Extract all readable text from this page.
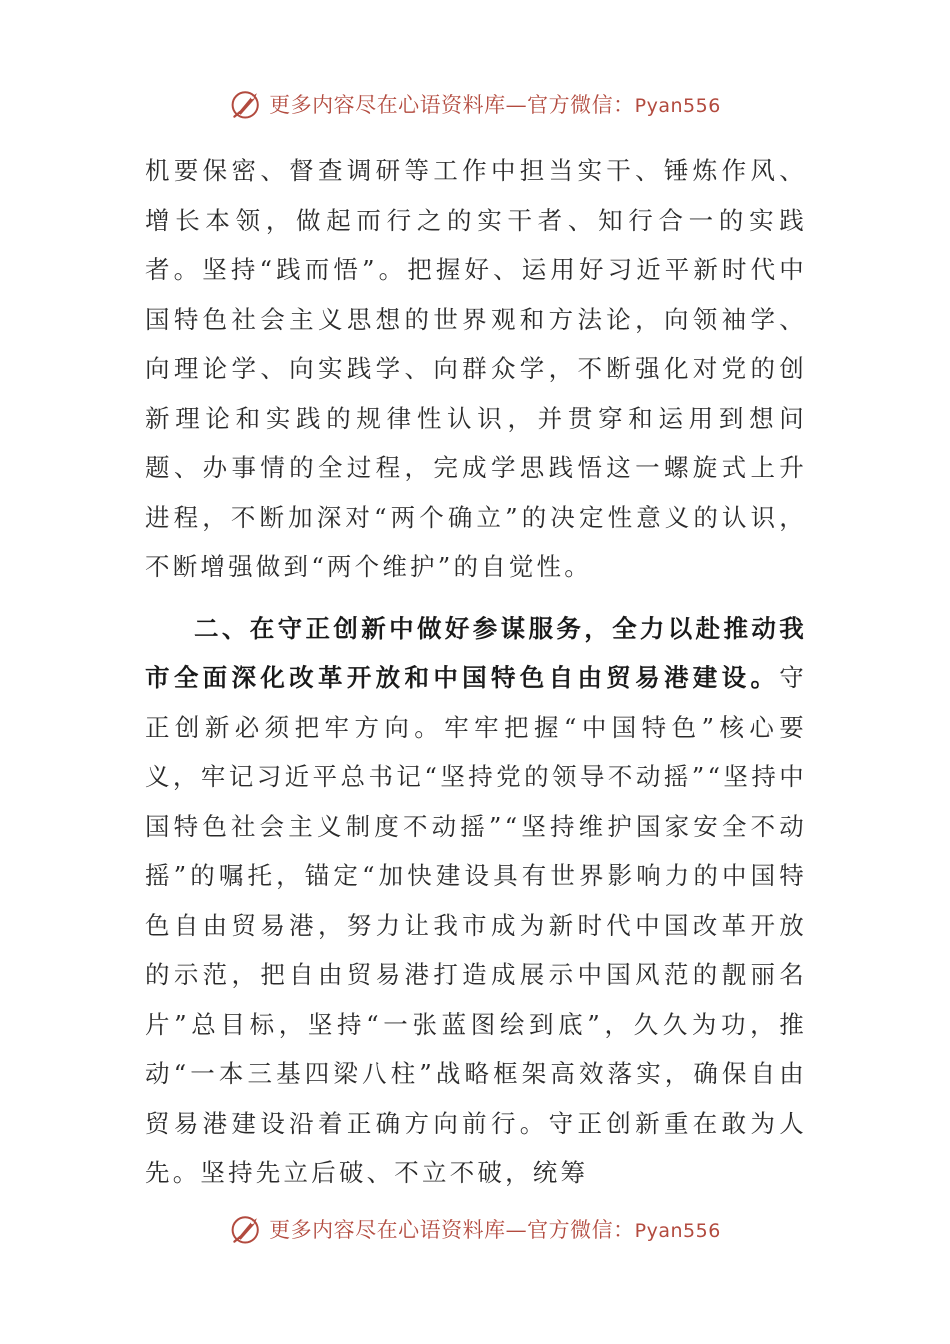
更多内容尽在心语资料库—官方微信：Pyan556

机要保密、督查调研等工作中担当实干、锤炼作风、增长本领，做起而行之的实干者、知行合一的实践者。坚持“践而悟”。把握好、运用好习近平新时代中国特色社会主义思想的世界观和方法论，向领袖学、向理论学、向实践学、向群众学，不断强化对党的创新理论和实践的规律性认识，并贯穿和运用到想问题、办事情的全过程，完成学思践悟这一螺旋式上升进程，不断加深对“两个确立”的决定性意义的认识，不断增强做到“两个维护”的自觉性。

二、在守正创新中做好参谋服务，全力以赴推动我市全面深化改革开放和中国特色自由贸易港建设。守正创新必须把牢方向。牢牢把握“中国特色”核心要义，牢记习近平总书记“坚持党的领导不动摇”“坚持中国特色社会主义制度不动摇”“坚持维护国家安全不动摇”的嘱托，锚定“加快建设具有世界影响力的中国特色自由贸易港，努力让我市成为新时代中国改革开放的示范，把自由贸易港打造成展示中国风范的靓丽名片”总目标，坚持“一张蓝图绘到底”，久久为功，推动“一本三基四梁八柱”战略框架高效落实，确保自由贸易港建设沿着正确方向前行。守正创新重在敢为人先。坚持先立后破、不立不破，统筹

更多内容尽在心语资料库—官方微信：Pyan556
